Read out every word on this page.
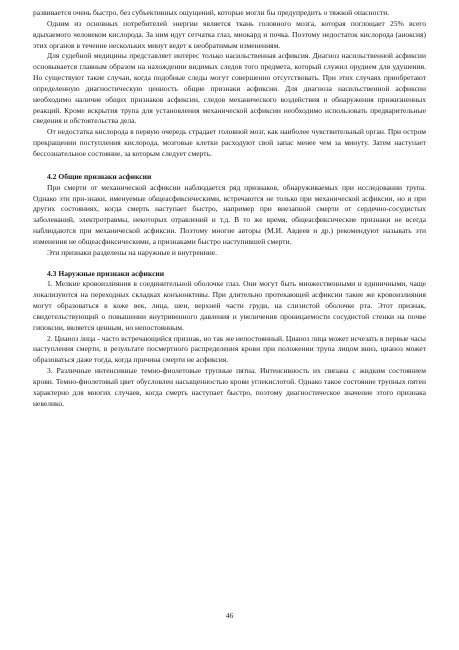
развивается очень быстро, без субъективных ощущений, которые могли бы предупредить о тяжкой опасности.

Одним из основных потребителей энергии является ткань головного мозга, которая поглощает 25% всего вдыхаемого человеком кислорода. За ним идут сетчатка глаз, миокард и почка. Поэтому недостаток кислорода (аноксия) этих органов в течение нескольких минут ведет к необратимым изменениям.

Для судебной медицины представляет интерес только насильственная асфиксия. Диагноз насильственной асфиксии основывается главным образом на нахождении видимых следов того предмета, который служил орудием для удушения. Но существуют такие случаи, когда подобные следы могут совершенно отсутствовать. При этих случаях приобретают определенную диагностическую ценность общие признаки асфиксии. Для диагноза насильственной асфиксии необходимо наличие общих признаков асфиксии, следов механического воздействия и обнаружения прижизненных реакций. Кроме вскрытия трупа для установления механической асфиксии необходимо использовать предварительные сведения и обстоятельства дела.

От недостатка кислорода в первую очередь страдает головной мозг, как наиболее чувствительный орган. При остром прекращении поступления кислорода, мозговые клетки расходуют свой запас менее чем за минуту. Затем наступает бессознательное состояние, за которым следует смерть.

4.2 Общие признаки асфиксии

При смерти от механической асфиксии наблюдается ряд признаков, обнаруживаемых при исследовании трупа. Однако эти при-знаки, именуемые общеасфиксическими, встречаются не только при механической асфиксии, но и при других состояниях, когда смерть наступает быстро, например при внезапной смерти от сердечно-сосудистых заболеваний, электротравмы, некоторых отравлений и т.д. В то же время, общеасфиксические признаки не всегда наблюдаются при механической асфиксии. Поэтому многие авторы (М.И. Авдеев и др.) рекомендуют называть эти изменения не общеасфиксическими, а признаками быстро наступившей смерти.

Эти признаки разделены на наружные и внутренние.

4.3 Наружные признаки асфиксии

1. Мелкие кровоизлияния в соединительной оболочке глаз. Они могут быть множественными и единичными, чаще локализуются на переходных складках конъюнктивы. При длительно протекающей асфиксии такие же кровоизлияния могут образоваться в коже век, лица, шеи, верхней части груди, на слизистой оболочке рта. Этот признак, свидетельствующий о повышении внутривенного давления и увеличения проницаемости сосудистой стенки на почве гипоксии, является ценным, но непостоянным.

2. Цианоз лица - часто встречающийся признак, но так же непостоянный. Цианоз лица может исчезать в первые часы наступления смерти, в результате посмертного распределения крови при положении трупа лицом вниз, цианоз может образоваться даже тогда, когда причина смерти не асфиксия.

3. Различные интенсивные темно-фиолетовые трупные пятна. Интенсивность их связана с жидким состоянием крови. Темно-фиолетовый цвет обусловлен насыщенностью крови углекислотой. Однако такое состояние трупных пятен характерно для многих случаев, когда смерть наступает быстро, поэтому диагностическое значение этого признака невелико.

46
